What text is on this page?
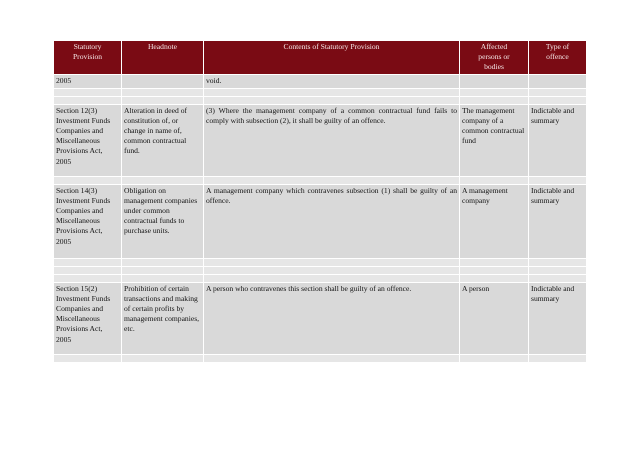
Statutory Provision	Headnote	Contents of Statutory Provision	Affected persons or bodies	Type of offence
2005		void.		

Section 12(3) Investment Funds Companies and Miscellaneous Provisions Act, 2005	Alteration in deed of constitution of, or change in name of, common contractual fund.	(3) Where the management company of a common contractual fund fails to comply with subsection (2), it shall be guilty of an offence.	The management company of a common contractual fund	Indictable and summary

Section 14(3) Investment Funds Companies and Miscellaneous Provisions Act, 2005	Obligation on management companies under common contractual funds to purchase units.	A management company which contravenes subsection (1) shall be guilty of an offence.	A management company	Indictable and summary

Section 15(2) Investment Funds Companies and Miscellaneous Provisions Act, 2005	Prohibition of certain transactions and making of certain profits by management companies, etc.	A person who contravenes this section shall be guilty of an offence.	A person	Indictable and summary
